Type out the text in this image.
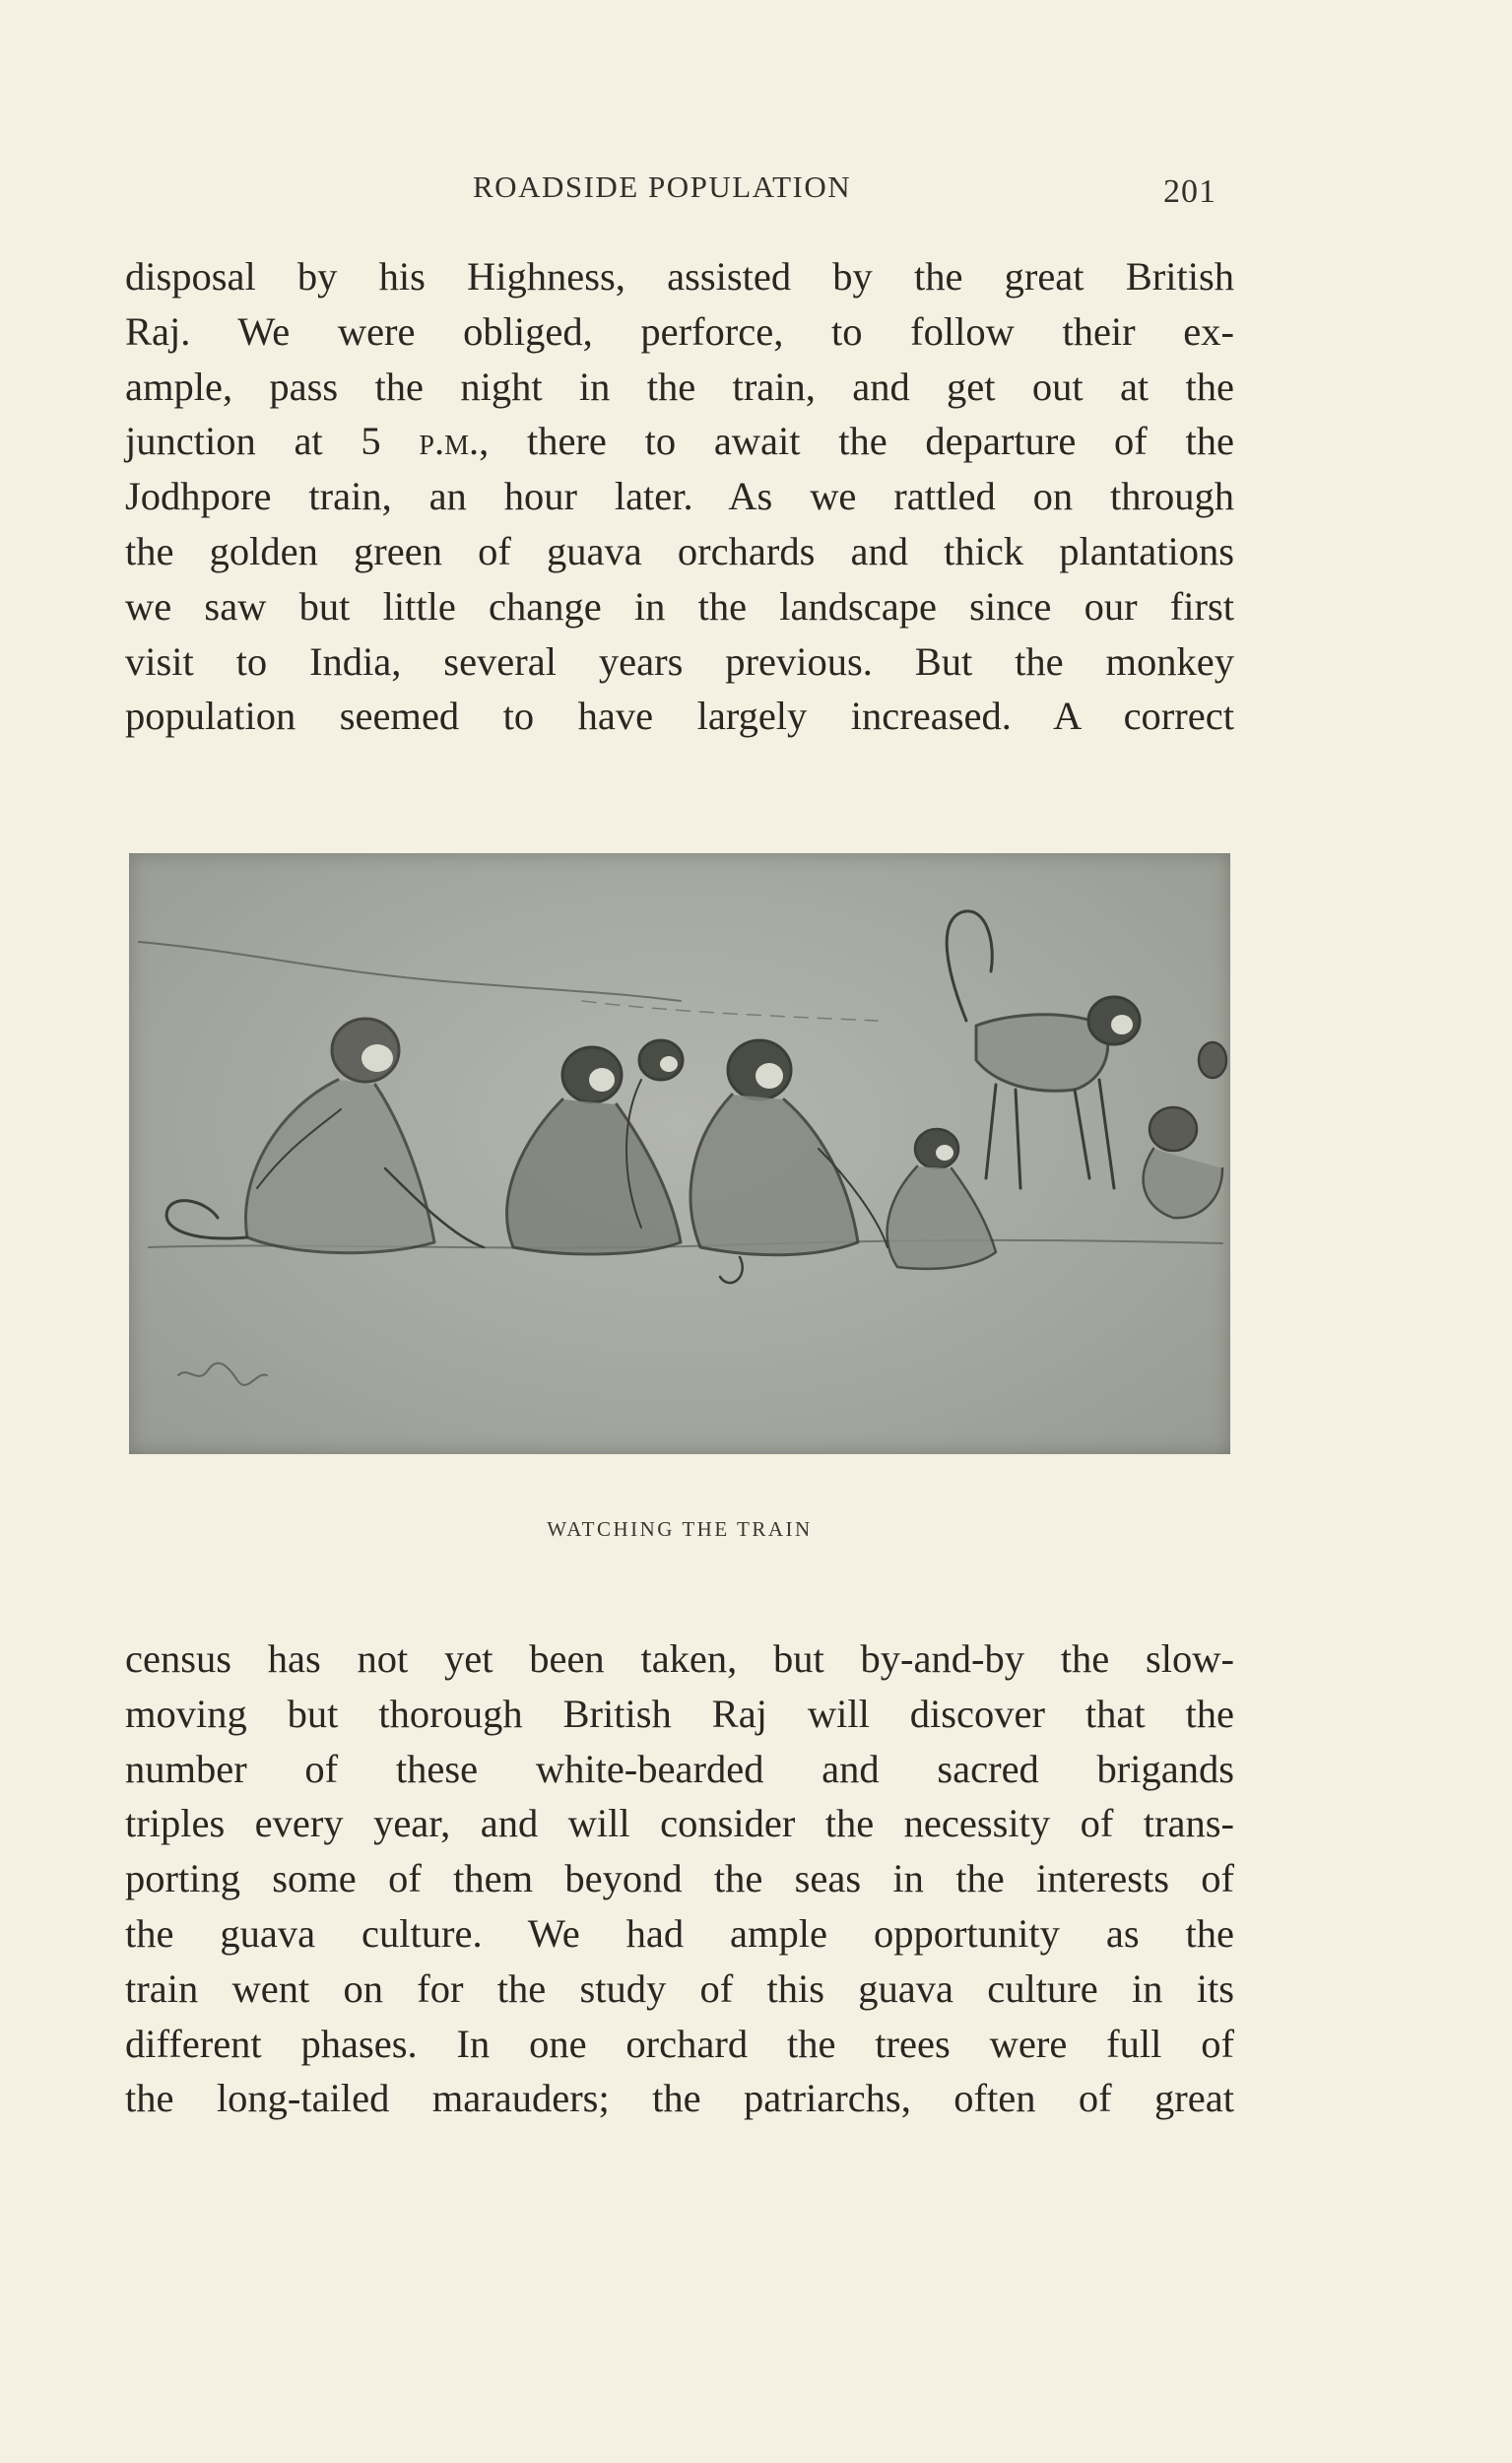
ROADSIDE POPULATION	201
disposal by his Highness, assisted by the great British
Raj. We were obliged, perforce, to follow their ex-
ample, pass the night in the train, and get out at the
junction at 5 p.m., there to await the departure of the
Jodhpore train, an hour later. As we rattled on through
the golden green of guava orchards and thick plantations
we saw but little change in the landscape since our first
visit to India, several years previous. But the monkey
population seemed to have largely increased. A correct
WATCHING THE TRAIN
census has not yet been taken, but by-and-by the slow-
moving but thorough British Raj will discover that the
number of these white-bearded and sacred brigands
triples every year, and will consider the necessity of trans-
porting some of them beyond the seas in the interests of
the guava culture. We had ample opportunity as the
train went on for the study of this guava culture in its
different phases. In one orchard the trees were full of
the long-tailed marauders; the patriarchs, often of great
